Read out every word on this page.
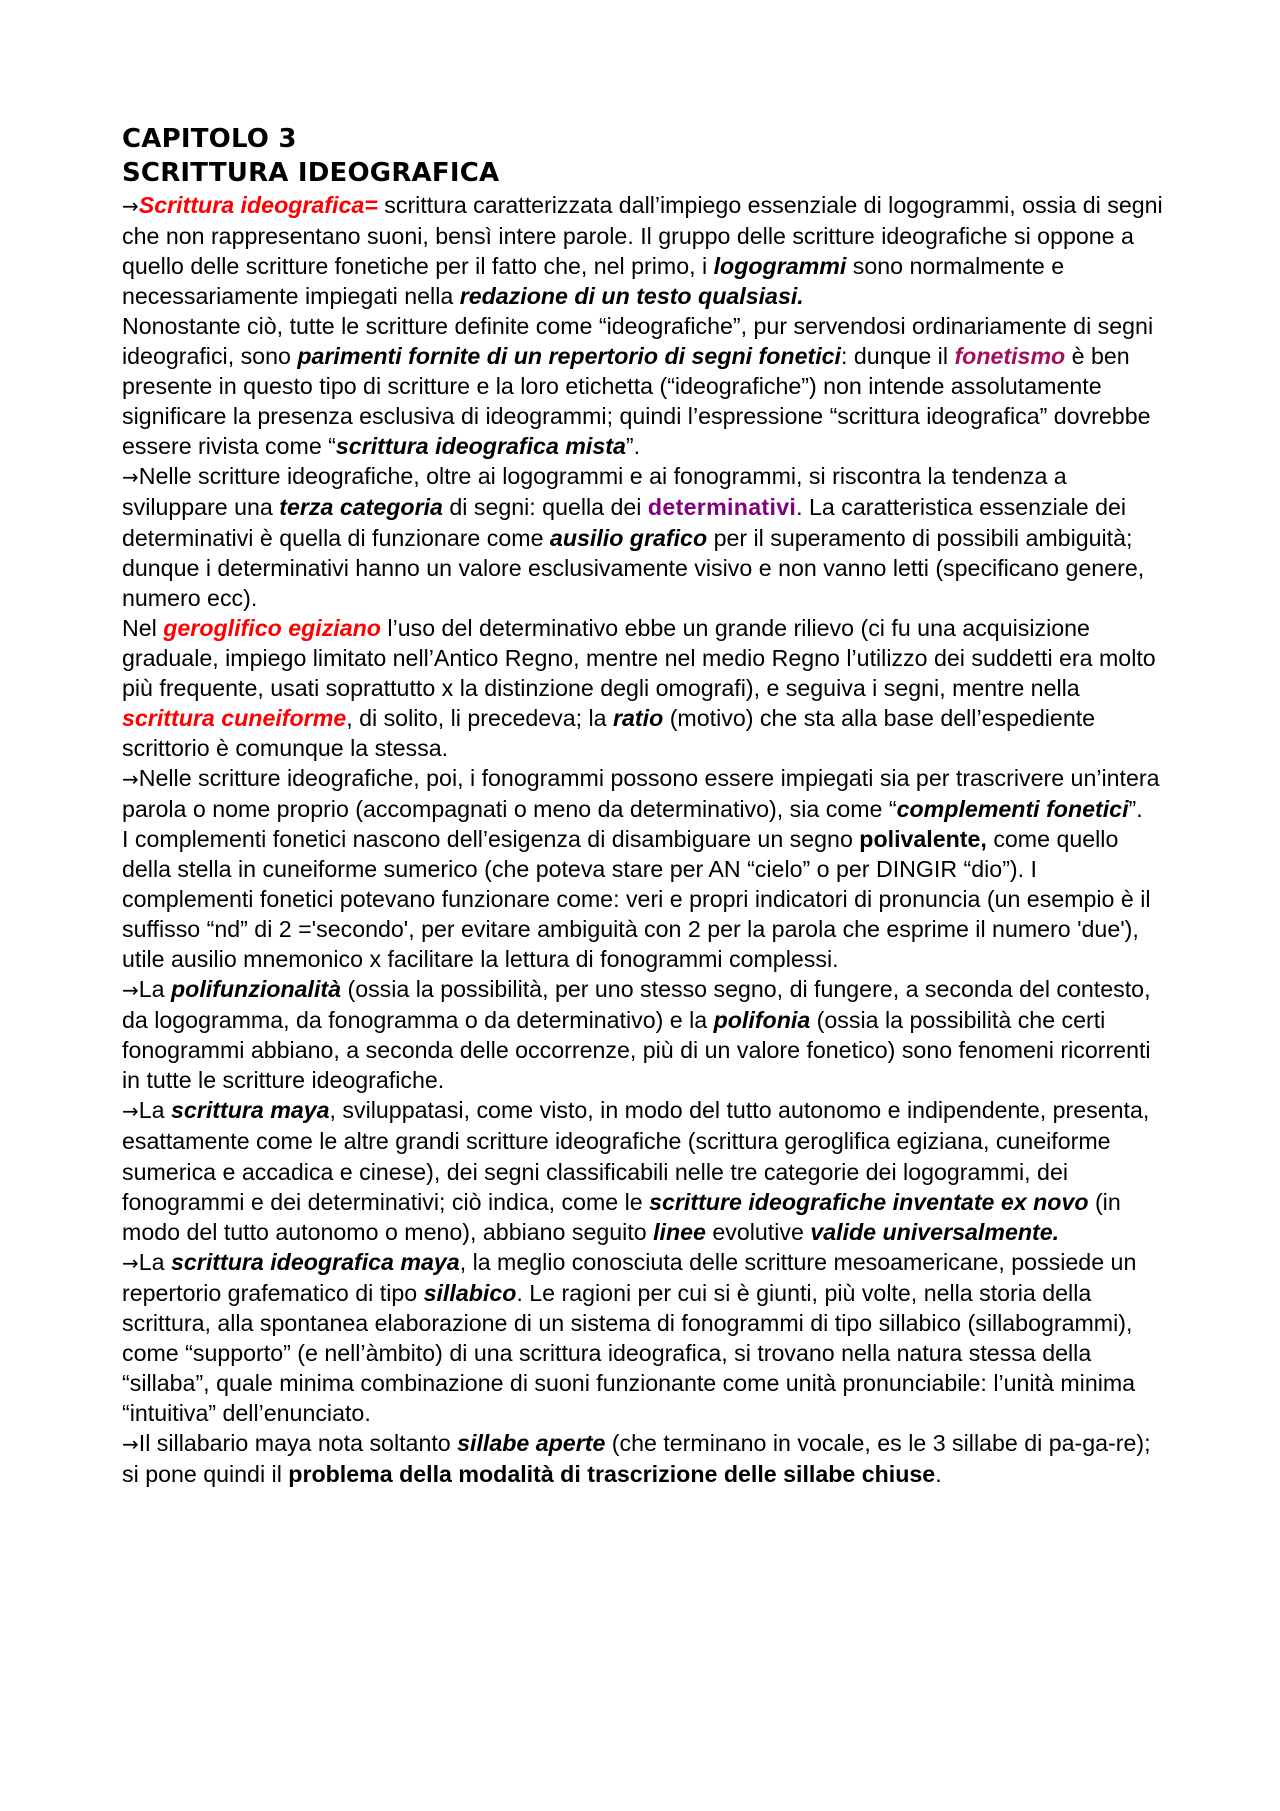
CAPITOLO 3
SCRITTURA IDEOGRAFICA

→Scrittura ideografica= scrittura caratterizzata dall’impiego essenziale di logogrammi, ossia di segni che non rappresentano suoni, bensì intere parole. Il gruppo delle scritture ideografiche si oppone a quello delle scritture fonetiche per il fatto che, nel primo, i logogrammi sono normalmente e necessariamente impiegati nella redazione di un testo qualsiasi.

Nonostante ciò, tutte le scritture definite come “ideografiche”, pur servendosi ordinariamente di segni ideografici, sono parimenti fornite di un repertorio di segni fonetici: dunque il fonetismo è ben presente in questo tipo di scritture e la loro etichetta (“ideografiche”) non intende assolutamente significare la presenza esclusiva di ideogrammi; quindi l’espressione “scrittura ideografica” dovrebbe essere rivista come “scrittura ideografica mista”.

→Nelle scritture ideografiche, oltre ai logogrammi e ai fonogrammi, si riscontra la tendenza a sviluppare una terza categoria di segni: quella dei determinativi. La caratteristica essenziale dei determinativi è quella di funzionare come ausilio grafico per il superamento di possibili ambiguità; dunque i determinativi hanno un valore esclusivamente visivo e non vanno letti (specificano genere, numero ecc).

Nel geroglifico egiziano l’uso del determinativo ebbe un grande rilievo (ci fu una acquisizione graduale, impiego limitato nell’Antico Regno, mentre nel medio Regno l’utilizzo dei suddetti era molto più frequente, usati soprattutto x la distinzione degli omografi), e seguiva i segni, mentre nella scrittura cuneiforme, di solito, li precedeva; la ratio (motivo) che sta alla base dell’espediente scrittorio è comunque la stessa.

→Nelle scritture ideografiche, poi, i fonogrammi possono essere impiegati sia per trascrivere un’intera parola o nome proprio (accompagnati o meno da determinativo), sia come “complementi fonetici”.

I complementi fonetici nascono dell’esigenza di disambiguare un segno polivalente, come quello della stella in cuneiforme sumerico (che poteva stare per AN “cielo” o per DINGIR “dio”). I complementi fonetici potevano funzionare come: veri e propri indicatori di pronuncia (un esempio è il suffisso “nd” di 2 ='secondo', per evitare ambiguità con 2 per la parola che esprime il numero 'due'), utile ausilio mnemonico x facilitare la lettura di fonogrammi complessi.

→La polifunzionalità (ossia la possibilità, per uno stesso segno, di fungere, a seconda del contesto, da logogramma, da fonogramma o da determinativo) e la polifonia (ossia la possibilità che certi fonogrammi abbiano, a seconda delle occorrenze, più di un valore fonetico) sono fenomeni ricorrenti in tutte le scritture ideografiche.

→La scrittura maya, sviluppatasi, come visto, in modo del tutto autonomo e indipendente, presenta, esattamente come le altre grandi scritture ideografiche (scrittura geroglifica egiziana, cuneiforme sumerica e accadica e cinese), dei segni classificabili nelle tre categorie dei logogrammi, dei fonogrammi e dei determinativi; ciò indica, come le scritture ideografiche inventate ex novo (in modo del tutto autonomo o meno), abbiano seguito linee evolutive valide universalmente.

→La scrittura ideografica maya, la meglio conosciuta delle scritture mesoamericane, possiede un repertorio grafematico di tipo sillabico. Le ragioni per cui si è giunti, più volte, nella storia della scrittura, alla spontanea elaborazione di un sistema di fonogrammi di tipo sillabico (sillabogrammi), come “supporto” (e nell’àmbito) di una scrittura ideografica, si trovano nella natura stessa della “sillaba”, quale minima combinazione di suoni funzionante come unità pronunciabile: l’unità minima “intuitiva” dell’enunciato.

→Il sillabario maya nota soltanto sillabe aperte (che terminano in vocale, es le 3 sillabe di pa-ga-re); si pone quindi il problema della modalità di trascrizione delle sillabe chiuse.
